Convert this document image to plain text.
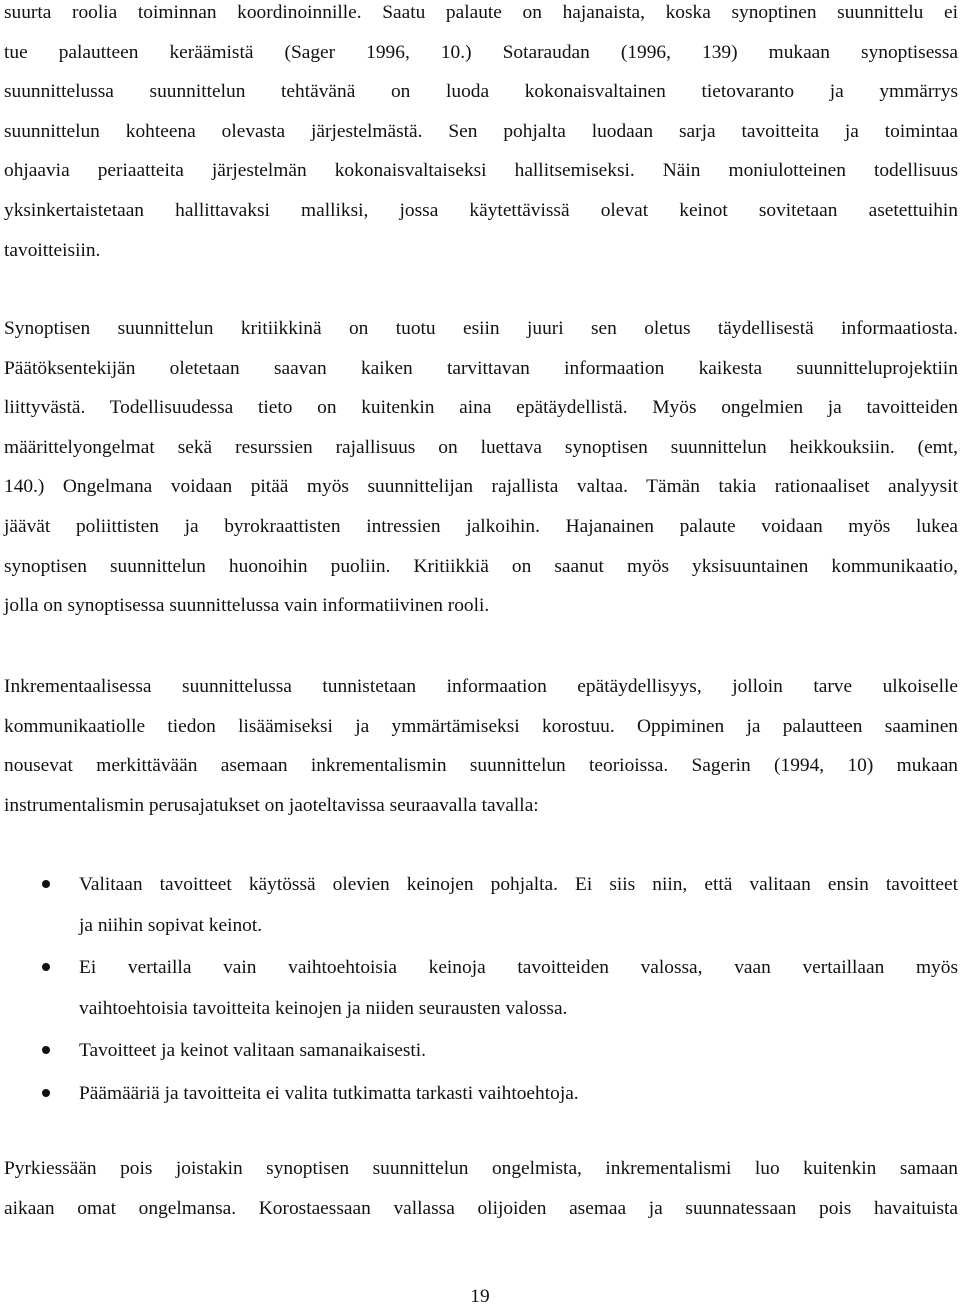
suurta roolia toiminnan koordinoinnille. Saatu palaute on hajanaista, koska synoptinen suunnittelu ei
tue palautteen keräämistä (Sager 1996, 10.) Sotaraudan (1996, 139) mukaan synoptisessa
suunnittelussa suunnittelun tehtävänä on luoda kokonaisvaltainen tietovaranto ja ymmärrys
suunnittelun kohteena olevasta järjestelmästä. Sen pohjalta luodaan sarja tavoitteita ja toimintaa
ohjaavia periaatteita järjestelmän kokonaisvaltaiseksi hallitsemiseksi. Näin moniulotteinen todellisuus
yksinkertaistetaan hallittavaksi malliksi, jossa käytettävissä olevat keinot sovitetaan asetettuihin
tavoitteisiin.

Synoptisen suunnittelun kritiikkinä on tuotu esiin juuri sen oletus täydellisestä informaatiosta.
Päätöksentekijän oletetaan saavan kaiken tarvittavan informaation kaikesta suunnitteluprojektiin
liittyvästä. Todellisuudessa tieto on kuitenkin aina epätäydellistä. Myös ongelmien ja tavoitteiden
määrittelyongelmat sekä resurssien rajallisuus on luettava synoptisen suunnittelun heikkouksiin. (emt,
140.) Ongelmana voidaan pitää myös suunnittelijan rajallista valtaa. Tämän takia rationaaliset analyysit
jäävät poliittisten ja byrokraattisten intressien jalkoihin. Hajanainen palaute voidaan myös lukea
synoptisen suunnittelun huonoihin puoliin. Kritiikkiä on saanut myös yksisuuntainen kommunikaatio,
jolla on synoptisessa suunnittelussa vain informatiivinen rooli.

Inkrementaalisessa suunnittelussa tunnistetaan informaation epätäydellisyys, jolloin tarve ulkoiselle
kommunikaatiolle tiedon lisäämiseksi ja ymmärtämiseksi korostuu. Oppiminen ja palautteen saaminen
nousevat merkittävään asemaan inkrementalismin suunnittelun teorioissa. Sagerin (1994, 10) mukaan
instrumentalismin perusajatukset on jaoteltavissa seuraavalla tavalla:

Valitaan tavoitteet käytössä olevien keinojen pohjalta. Ei siis niin, että valitaan ensin tavoitteet
ja niihin sopivat keinot.
Ei vertailla vain vaihtoehtoisia keinoja tavoitteiden valossa, vaan vertaillaan myös
vaihtoehtoisia tavoitteita keinojen ja niiden seurausten valossa.
Tavoitteet ja keinot valitaan samanaikaisesti.
Päämääriä ja tavoitteita ei valita tutkimatta tarkasti vaihtoehtoja.

Pyrkiessään pois joistakin synoptisen suunnittelun ongelmista, inkrementalismi luo kuitenkin samaan
aikaan omat ongelmansa. Korostaessaan vallassa olijoiden asemaa ja suunnatessaan pois havaituista

19
